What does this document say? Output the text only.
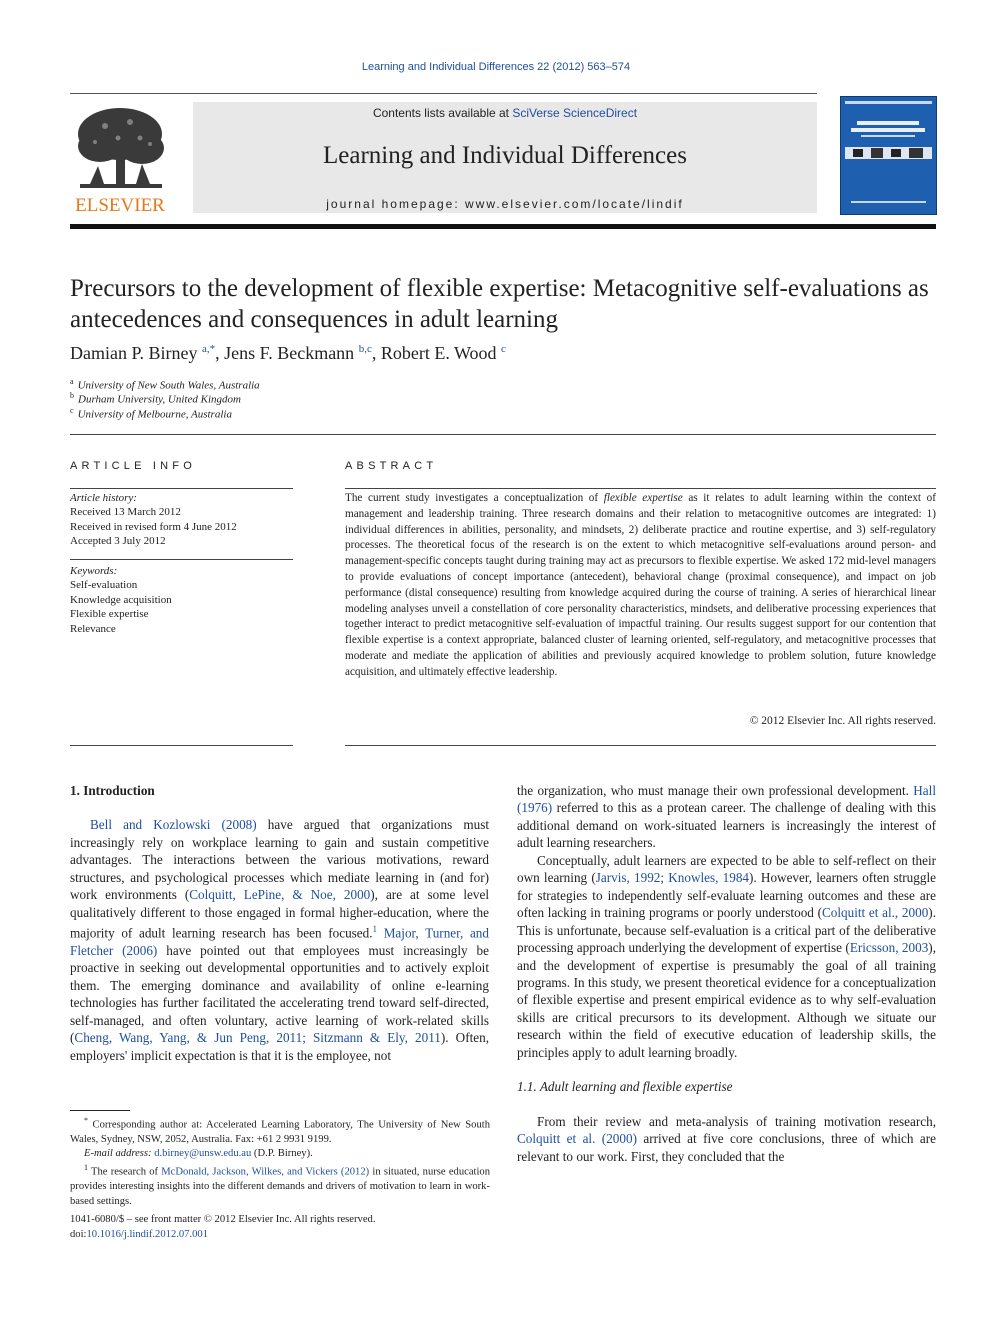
Learning and Individual Differences 22 (2012) 563–574
ELSEVIER
Contents lists available at SciVerse ScienceDirect
Learning and Individual Differences
journal homepage: www.elsevier.com/locate/lindif
Precursors to the development of flexible expertise: Metacognitive self-evaluations as antecedences and consequences in adult learning
Damian P. Birney $^{a,*}$, Jens F. Beckmann $^{b,c}$, Robert E. Wood $^c$
$^a$ University of New South Wales, Australia
$^b$ Durham University, United Kingdom
$^c$ University of Melbourne, Australia
ARTICLE INFO
Article history:
Received 13 March 2012
Received in revised form 4 June 2012
Accepted 3 July 2012
Keywords:
Self-evaluation
Knowledge acquisition
Flexible expertise
Relevance
ABSTRACT
The current study investigates a conceptualization of flexible expertise as it relates to adult learning within the context of management and leadership training. Three research domains and their relation to metacognitive outcomes are integrated: 1) individual differences in abilities, personality, and mindsets, 2) deliberate practice and routine expertise, and 3) self-regulatory processes. The theoretical focus of the research is on the extent to which metacognitive self-evaluations around person- and management-specific concepts taught during training may act as precursors to flexible expertise. We asked 172 mid-level managers to provide evaluations of concept importance (antecedent), behavioral change (proximal consequence), and impact on job performance (distal consequence) resulting from knowledge acquired during the course of training. A series of hierarchical linear modeling analyses unveil a constellation of core personality characteristics, mindsets, and deliberative processing experiences that together interact to predict metacognitive self-evaluation of impactful training. Our results suggest support for our contention that flexible expertise is a context appropriate, balanced cluster of learning oriented, self-regulatory, and metacognitive processes that moderate and mediate the application of abilities and previously acquired knowledge to problem solution, future knowledge acquisition, and ultimately effective leadership.
© 2012 Elsevier Inc. All rights reserved.
1. Introduction

Bell and Kozlowski (2008) have argued that organizations must increasingly rely on workplace learning to gain and sustain competitive advantages. The interactions between the various motivations, reward structures, and psychological processes which mediate learning in (and for) work environments (Colquitt, LePine, & Noe, 2000), are at some level qualitatively different to those engaged in formal higher-education, where the majority of adult learning research has been focused.$^1$ Major, Turner, and Fletcher (2006) have pointed out that employees must increasingly be proactive in seeking out developmental opportunities and to actively exploit them. The emerging dominance and availability of online e-learning technologies has further facilitated the accelerating trend toward self-directed, self-managed, and often voluntary, active learning of work-related skills (Cheng, Wang, Yang, & Jun Peng, 2011; Sitzmann & Ely, 2011). Often, employers' implicit expectation is that it is the employee, not

the organization, who must manage their own professional development. Hall (1976) referred to this as a protean career. The challenge of dealing with this additional demand on work-situated learners is increasingly the interest of adult learning researchers.

Conceptually, adult learners are expected to be able to self-reflect on their own learning (Jarvis, 1992; Knowles, 1984). However, learners often struggle for strategies to independently self-evaluate learning outcomes and these are often lacking in training programs or poorly understood (Colquitt et al., 2000). This is unfortunate, because self-evaluation is a critical part of the deliberative processing approach underlying the development of expertise (Ericsson, 2003), and the development of expertise is presumably the goal of all training programs. In this study, we present theoretical evidence for a conceptualization of flexible expertise and present empirical evidence as to why self-evaluation skills are critical precursors to its development. Although we situate our research within the field of executive education of leadership skills, the principles apply to adult learning broadly.

1.1. Adult learning and flexible expertise

From their review and meta-analysis of training motivation research, Colquitt et al. (2000) arrived at five core conclusions, three of which are relevant to our work. First, they concluded that the

* Corresponding author at: Accelerated Learning Laboratory, The University of New South Wales, Sydney, NSW, 2052, Australia. Fax: +61 2 9931 9199.
E-mail address: d.birney@unsw.edu.au (D.P. Birney).
$^1$ The research of McDonald, Jackson, Wilkes, and Vickers (2012) in situated, nurse education provides interesting insights into the different demands and drivers of motivation to learn in work-based settings.
1041-6080/$ – see front matter © 2012 Elsevier Inc. All rights reserved.
doi:10.1016/j.lindif.2012.07.001
